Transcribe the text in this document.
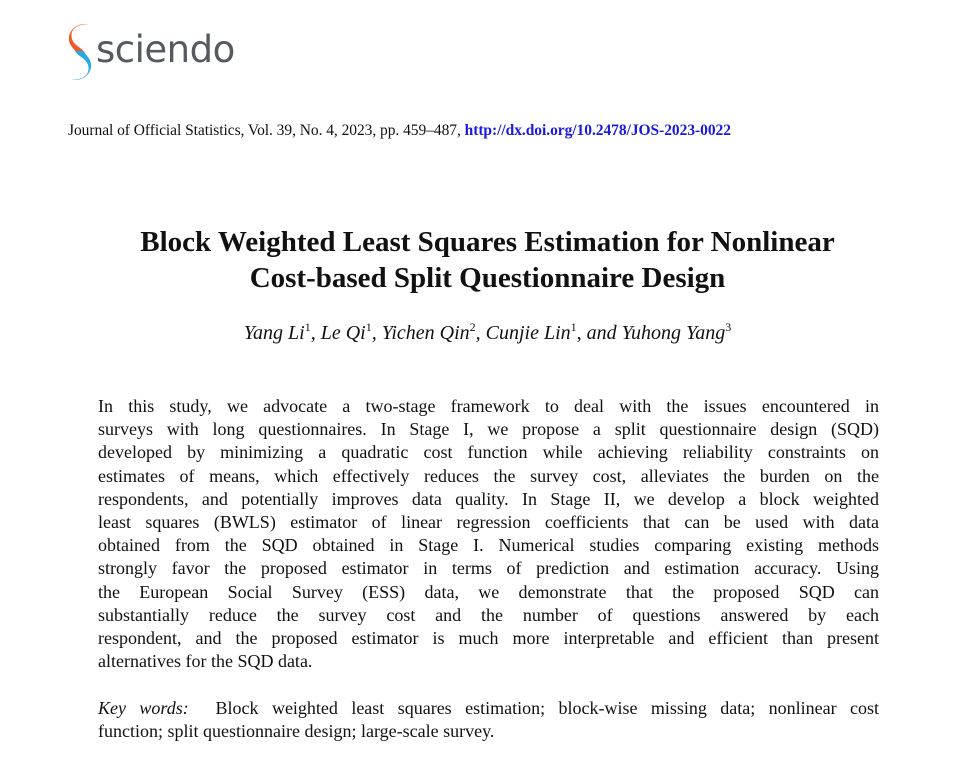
sciendo
Journal of Official Statistics, Vol. 39, No. 4, 2023, pp. 459–487, http://dx.doi.org/10.2478/JOS-2023-0022
Block Weighted Least Squares Estimation for Nonlinear
Cost-based Split Questionnaire Design
Yang Li$^1$, Le Qi$^1$, Yichen Qin$^2$, Cunjie Lin$^1$, and Yuhong Yang$^3$
In this study, we advocate a two-stage framework to deal with the issues encountered in
surveys with long questionnaires. In Stage I, we propose a split questionnaire design (SQD)
developed by minimizing a quadratic cost function while achieving reliability constraints on
estimates of means, which effectively reduces the survey cost, alleviates the burden on the
respondents, and potentially improves data quality. In Stage II, we develop a block weighted
least squares (BWLS) estimator of linear regression coefficients that can be used with data
obtained from the SQD obtained in Stage I. Numerical studies comparing existing methods
strongly favor the proposed estimator in terms of prediction and estimation accuracy. Using
the European Social Survey (ESS) data, we demonstrate that the proposed SQD can
substantially reduce the survey cost and the number of questions answered by each
respondent, and the proposed estimator is much more interpretable and efficient than present
alternatives for the SQD data.
Key words: Block weighted least squares estimation; block-wise missing data; nonlinear cost
function; split questionnaire design; large-scale survey.
